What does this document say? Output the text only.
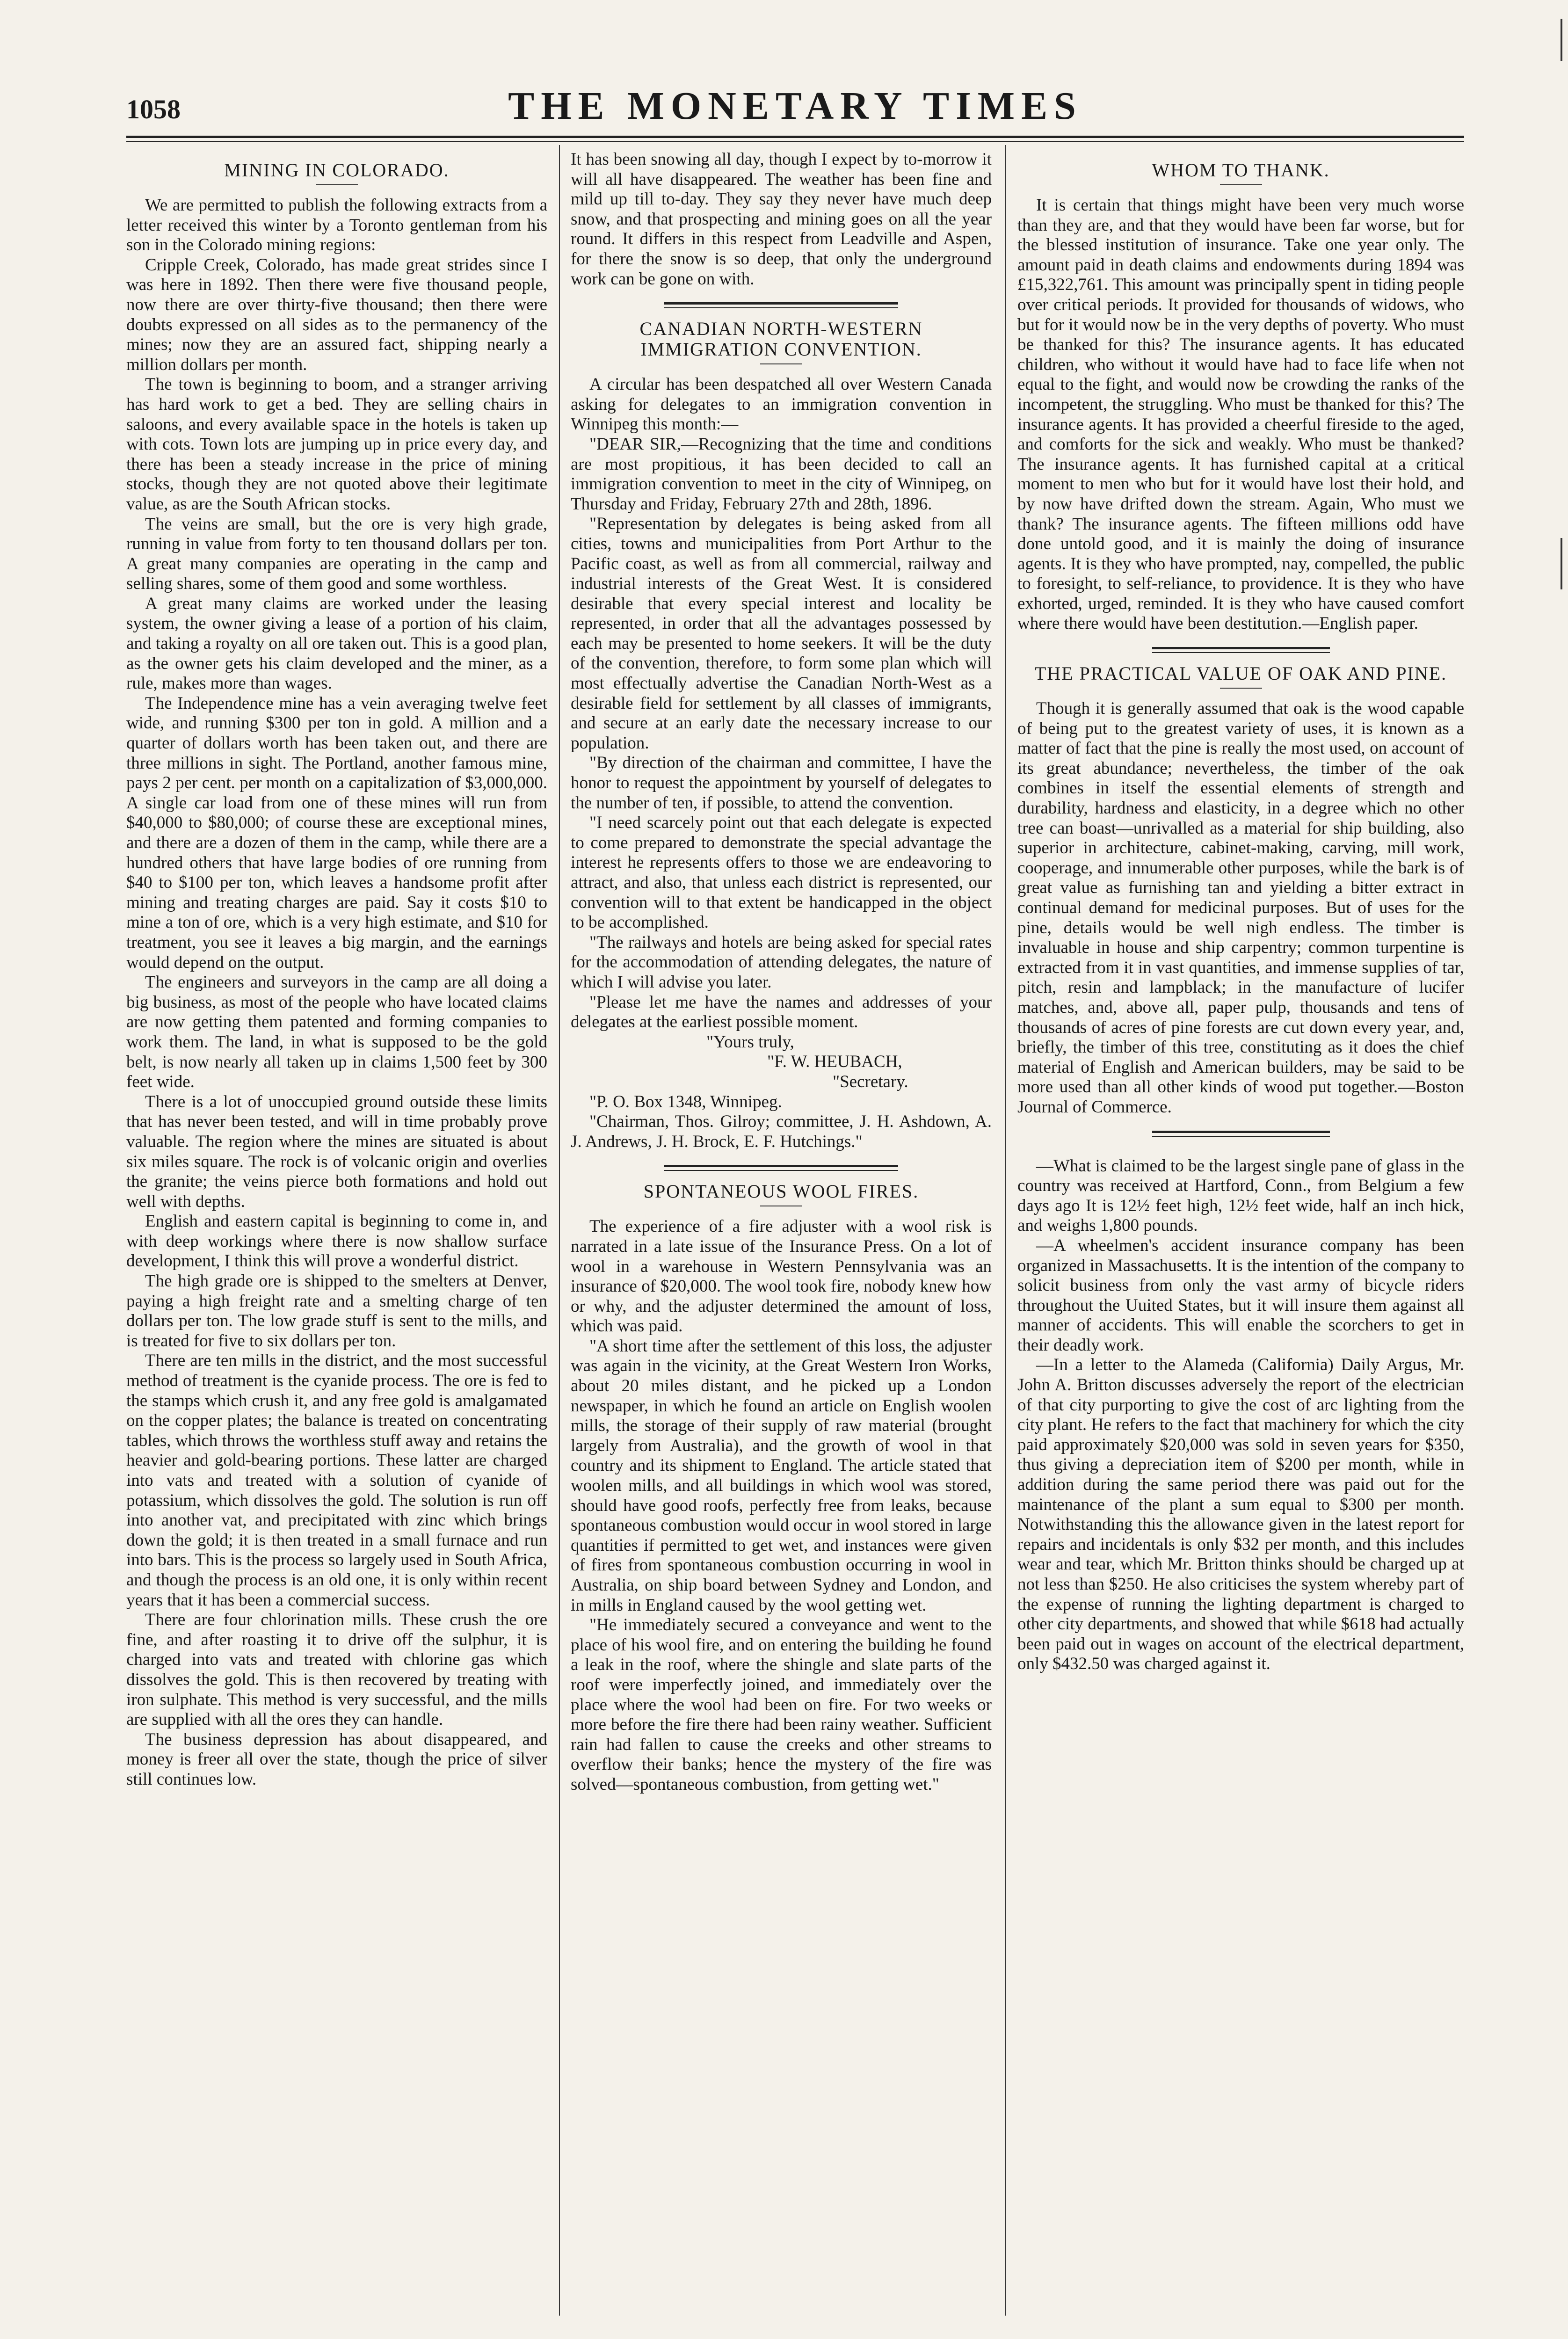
1058	THE MONETARY TIMES
MINING IN COLORADO.

We are permitted to publish the following extracts from a letter received this winter by a Toronto gentleman from his son in the Colorado mining regions:

Cripple Creek, Colorado, has made great strides since I was here in 1892. Then there were five thousand people, now there are over thirty-five thousand; then there were doubts expressed on all sides as to the permanency of the mines; now they are an assured fact, shipping nearly a million dollars per month.

The town is beginning to boom, and a stranger arriving has hard work to get a bed. They are selling chairs in saloons, and every available space in the hotels is taken up with cots. Town lots are jumping up in price every day, and there has been a steady increase in the price of mining stocks, though they are not quoted above their legitimate value, as are the South African stocks.

The veins are small, but the ore is very high grade, running in value from forty to ten thousand dollars per ton. A great many companies are operating in the camp and selling shares, some of them good and some worthless.

A great many claims are worked under the leasing system, the owner giving a lease of a portion of his claim, and taking a royalty on all ore taken out. This is a good plan, as the owner gets his claim developed and the miner, as a rule, makes more than wages.

The Independence mine has a vein averaging twelve feet wide, and running $300 per ton in gold. A million and a quarter of dollars worth has been taken out, and there are three millions in sight. The Portland, another famous mine, pays 2 per cent. per month on a capitalization of $3,000,000. A single car load from one of these mines will run from $40,000 to $80,000; of course these are exceptional mines, and there are a dozen of them in the camp, while there are a hundred others that have large bodies of ore running from $40 to $100 per ton, which leaves a handsome profit after mining and treating charges are paid. Say it costs $10 to mine a ton of ore, which is a very high estimate, and $10 for treatment, you see it leaves a big margin, and the earnings would depend on the output.

The engineers and surveyors in the camp are all doing a big business, as most of the people who have located claims are now getting them patented and forming companies to work them. The land, in what is supposed to be the gold belt, is now nearly all taken up in claims 1,500 feet by 300 feet wide.

There is a lot of unoccupied ground outside these limits that has never been tested, and will in time probably prove valuable. The region where the mines are situated is about six miles square. The rock is of volcanic origin and overlies the granite; the veins pierce both formations and hold out well with depths.

English and eastern capital is beginning to come in, and with deep workings where there is now shallow surface development, I think this will prove a wonderful district.

The high grade ore is shipped to the smelters at Denver, paying a high freight rate and a smelting charge of ten dollars per ton. The low grade stuff is sent to the mills, and is treated for five to six dollars per ton.

There are ten mills in the district, and the most successful method of treatment is the cyanide process. The ore is fed to the stamps which crush it, and any free gold is amalgamated on the copper plates; the balance is treated on concentrating tables, which throws the worthless stuff away and retains the heavier and gold-bearing portions. These latter are charged into vats and treated with a solution of cyanide of potassium, which dissolves the gold. The solution is run off into another vat, and precipitated with zinc which brings down the gold; it is then treated in a small furnace and run into bars. This is the process so largely used in South Africa, and though the process is an old one, it is only within recent years that it has been a commercial success.

There are four chlorination mills. These crush the ore fine, and after roasting it to drive off the sulphur, it is charged into vats and treated with chlorine gas which dissolves the gold. This is then recovered by treating with iron sulphate. This method is very successful, and the mills are supplied with all the ores they can handle.

The business depression has about disappeared, and money is freer all over the state, though the price of silver still continues low.

It has been snowing all day, though I expect by to-morrow it will all have disappeared. The weather has been fine and mild up till to-day. They say they never have much deep snow, and that prospecting and mining goes on all the year round. It differs in this respect from Leadville and Aspen, for there the snow is so deep, that only the underground work can be gone on with.

CANADIAN NORTH-WESTERN IMMIGRATION CONVENTION.

A circular has been despatched all over Western Canada asking for delegates to an immigration convention in Winnipeg this month:—

"DEAR SIR,—Recognizing that the time and conditions are most propitious, it has been decided to call an immigration convention to meet in the city of Winnipeg, on Thursday and Friday, February 27th and 28th, 1896.

"Representation by delegates is being asked from all cities, towns and municipalities from Port Arthur to the Pacific coast, as well as from all commercial, railway and industrial interests of the Great West. It is considered desirable that every special interest and locality be represented, in order that all the advantages possessed by each may be presented to home seekers. It will be the duty of the convention, therefore, to form some plan which will most effectually advertise the Canadian North-West as a desirable field for settlement by all classes of immigrants, and secure at an early date the necessary increase to our population.

"By direction of the chairman and committee, I have the honor to request the appointment by yourself of delegates to the number of ten, if possible, to attend the convention.

"I need scarcely point out that each delegate is expected to come prepared to demonstrate the special advantage the interest he represents offers to those we are endeavoring to attract, and also, that unless each district is represented, our convention will to that extent be handicapped in the object to be accomplished.

"The railways and hotels are being asked for special rates for the accommodation of attending delegates, the nature of which I will advise you later.

"Please let me have the names and addresses of your delegates at the earliest possible moment.

"Yours truly,

"F. W. HEUBACH,

"Secretary.

"P. O. Box 1348, Winnipeg.

"Chairman, Thos. Gilroy; committee, J. H. Ashdown, A. J. Andrews, J. H. Brock, E. F. Hutchings."

SPONTANEOUS WOOL FIRES.

The experience of a fire adjuster with a wool risk is narrated in a late issue of the Insurance Press. On a lot of wool in a warehouse in Western Pennsylvania was an insurance of $20,000. The wool took fire, nobody knew how or why, and the adjuster determined the amount of loss, which was paid.

"A short time after the settlement of this loss, the adjuster was again in the vicinity, at the Great Western Iron Works, about 20 miles distant, and he picked up a London newspaper, in which he found an article on English woolen mills, the storage of their supply of raw material (brought largely from Australia), and the growth of wool in that country and its shipment to England. The article stated that woolen mills, and all buildings in which wool was stored, should have good roofs, perfectly free from leaks, because spontaneous combustion would occur in wool stored in large quantities if permitted to get wet, and instances were given of fires from spontaneous combustion occurring in wool in Australia, on ship board between Sydney and London, and in mills in England caused by the wool getting wet.

"He immediately secured a conveyance and went to the place of his wool fire, and on entering the building he found a leak in the roof, where the shingle and slate parts of the roof were imperfectly joined, and immediately over the place where the wool had been on fire. For two weeks or more before the fire there had been rainy weather. Sufficient rain had fallen to cause the creeks and other streams to overflow their banks; hence the mystery of the fire was solved—spontaneous combustion, from getting wet."

WHOM TO THANK.

It is certain that things might have been very much worse than they are, and that they would have been far worse, but for the blessed institution of insurance. Take one year only. The amount paid in death claims and endowments during 1894 was £15,322,761. This amount was principally spent in tiding people over critical periods. It provided for thousands of widows, who but for it would now be in the very depths of poverty. Who must be thanked for this? The insurance agents. It has educated children, who without it would have had to face life when not equal to the fight, and would now be crowding the ranks of the incompetent, the struggling. Who must be thanked for this? The insurance agents. It has provided a cheerful fireside to the aged, and comforts for the sick and weakly. Who must be thanked? The insurance agents. It has furnished capital at a critical moment to men who but for it would have lost their hold, and by now have drifted down the stream. Again, Who must we thank? The insurance agents. The fifteen millions odd have done untold good, and it is mainly the doing of insurance agents. It is they who have prompted, nay, compelled, the public to foresight, to self-reliance, to providence. It is they who have exhorted, urged, reminded. It is they who have caused comfort where there would have been destitution.—English paper.

THE PRACTICAL VALUE OF OAK AND PINE.

Though it is generally assumed that oak is the wood capable of being put to the greatest variety of uses, it is known as a matter of fact that the pine is really the most used, on account of its great abundance; nevertheless, the timber of the oak combines in itself the essential elements of strength and durability, hardness and elasticity, in a degree which no other tree can boast—unrivalled as a material for ship building, also superior in architecture, cabinet-making, carving, mill work, cooperage, and innumerable other purposes, while the bark is of great value as furnishing tan and yielding a bitter extract in continual demand for medicinal purposes. But of uses for the pine, details would be well nigh endless. The timber is invaluable in house and ship carpentry; common turpentine is extracted from it in vast quantities, and immense supplies of tar, pitch, resin and lampblack; in the manufacture of lucifer matches, and, above all, paper pulp, thousands and tens of thousands of acres of pine forests are cut down every year, and, briefly, the timber of this tree, constituting as it does the chief material of English and American builders, may be said to be more used than all other kinds of wood put together.—Boston Journal of Commerce.

—What is claimed to be the largest single pane of glass in the country was received at Hartford, Conn., from Belgium a few days ago It is 12½ feet high, 12½ feet wide, half an inch hick, and weighs 1,800 pounds.

—A wheelmen's accident insurance company has been organized in Massachusetts. It is the intention of the company to solicit business from only the vast army of bicycle riders throughout the Uuited States, but it will insure them against all manner of accidents. This will enable the scorchers to get in their deadly work.

—In a letter to the Alameda (California) Daily Argus, Mr. John A. Britton discusses adversely the report of the electrician of that city purporting to give the cost of arc lighting from the city plant. He refers to the fact that machinery for which the city paid approximately $20,000 was sold in seven years for $350, thus giving a depreciation item of $200 per month, while in addition during the same period there was paid out for the maintenance of the plant a sum equal to $300 per month. Notwithstanding this the allowance given in the latest report for repairs and incidentals is only $32 per month, and this includes wear and tear, which Mr. Britton thinks should be charged up at not less than $250. He also criticises the system whereby part of the expense of running the lighting department is charged to other city departments, and showed that while $618 had actually been paid out in wages on account of the electrical department, only $432.50 was charged against it.
